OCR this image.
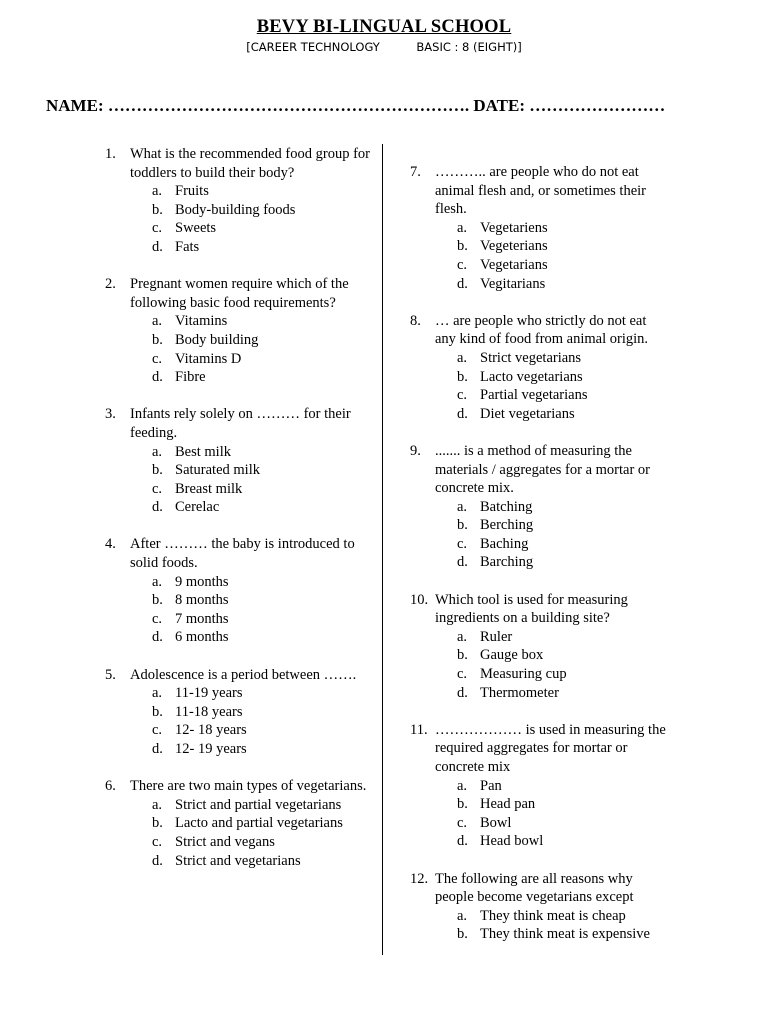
BEVY BI-LINGUAL SCHOOL
[CAREER TECHNOLOGY          BASIC : 8 (EIGHT)]
NAME: ………………………………………………………. DATE: ……………………
1. What is the recommended food group for toddlers to build their body?
a. Fruits
b. Body-building foods
c. Sweets
d. Fats
2. Pregnant women require which of the following basic food requirements?
a. Vitamins
b. Body building
c. Vitamins D
d. Fibre
3. Infants rely solely on ……… for their feeding.
a. Best milk
b. Saturated milk
c. Breast milk
d. Cerelac
4. After ……… the baby is introduced to solid foods.
a. 9 months
b. 8 months
c. 7 months
d. 6 months
5. Adolescence is a period between …….
a. 11-19 years
b. 11-18 years
c. 12- 18 years
d. 12- 19 years
6. There are two main types of vegetarians.
a. Strict and partial vegetarians
b. Lacto and partial vegetarians
c. Strict and vegans
d. Strict and vegetarians
7. ……….. are people who do not eat animal flesh and, or sometimes their flesh.
a. Vegetariens
b. Vegeterians
c. Vegetarians
d. Vegitarians
8. … are people who strictly do not eat any kind of food from animal origin.
a. Strict vegetarians
b. Lacto vegetarians
c. Partial vegetarians
d. Diet vegetarians
9. ....... is a method of measuring the materials / aggregates for a mortar or concrete mix.
a. Batching
b. Berching
c. Baching
d. Barching
10. Which tool is used for measuring ingredients on a building site?
a. Ruler
b. Gauge box
c. Measuring cup
d. Thermometer
11. ……………… is used in measuring the required aggregates for mortar or concrete mix
a. Pan
b. Head pan
c. Bowl
d. Head bowl
12. The following are all reasons why people become vegetarians except
a. They think meat is cheap
b. They think meat is expensive
